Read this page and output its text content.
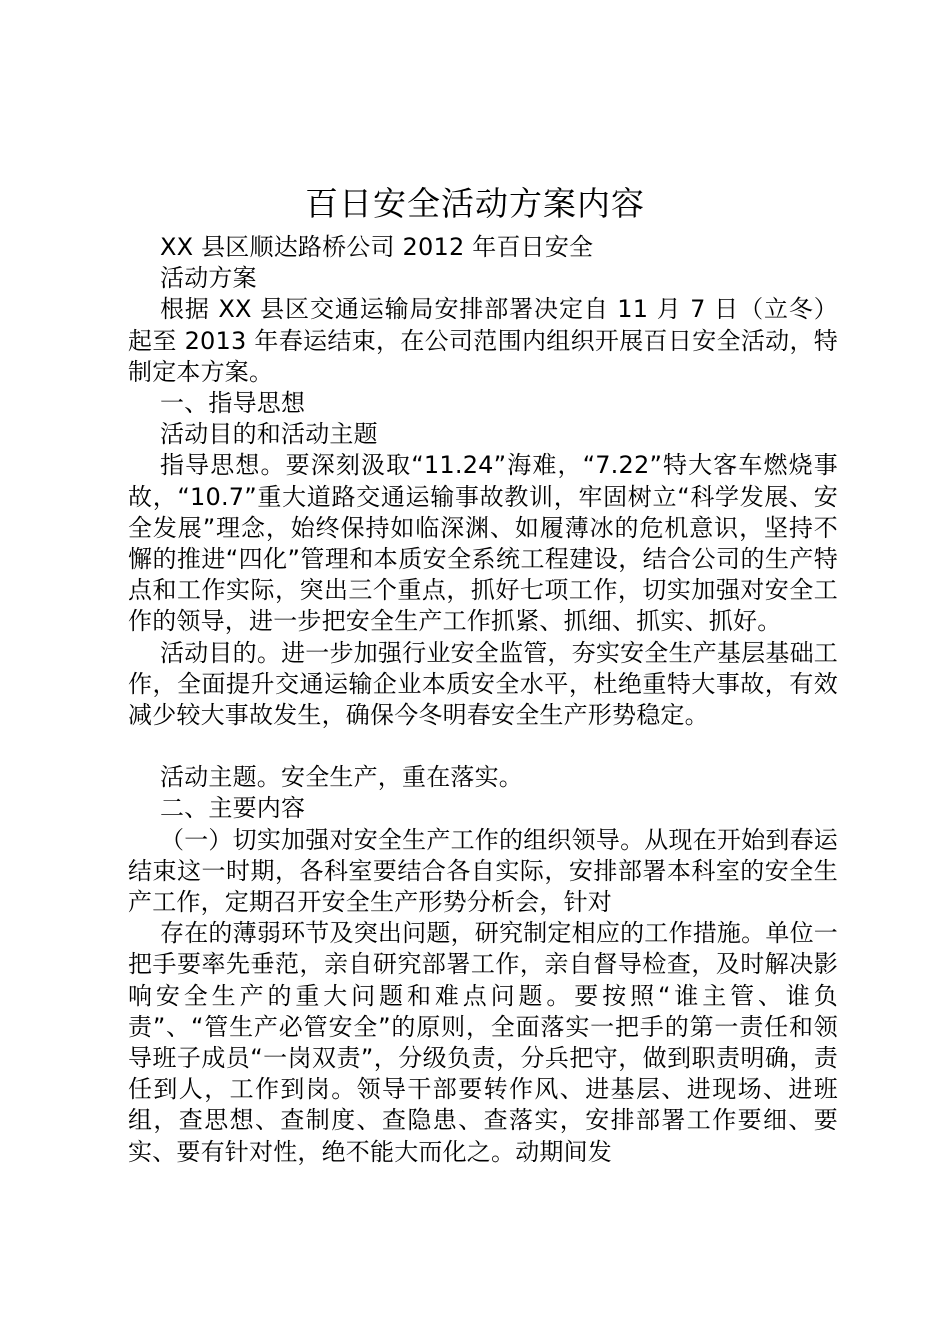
百日安全活动方案内容

XX 县区顺达路桥公司 2012 年百日安全

活动方案

根据 XX 县区交通运输局安排部署决定自 11 月 7 日（立冬）起至 2013 年春运结束，在公司范围内组织开展百日安全活动，特制定本方案。

一、指导思想

活动目的和活动主题

指导思想。要深刻汲取“11.24”海难，“7.22”特大客车燃烧事故，“10.7”重大道路交通运输事故教训，牢固树立“科学发展、安全发展”理念，始终保持如临深渊、如履薄冰的危机意识，坚持不懈的推进“四化”管理和本质安全系统工程建设，结合公司的生产特点和工作实际，突出三个重点，抓好七项工作，切实加强对安全工作的领导，进一步把安全生产工作抓紧、抓细、抓实、抓好。

活动目的。进一步加强行业安全监管，夯实安全生产基层基础工作，全面提升交通运输企业本质安全水平，杜绝重特大事故，有效减少较大事故发生，确保今冬明春安全生产形势稳定。

活动主题。安全生产，重在落实。

二、主要内容

（一）切实加强对安全生产工作的组织领导。从现在开始到春运结束这一时期，各科室要结合各自实际，安排部署本科室的安全生产工作，定期召开安全生产形势分析会，针对

存在的薄弱环节及突出问题，研究制定相应的工作措施。单位一把手要率先垂范，亲自研究部署工作，亲自督导检查，及时解决影响安全生产的重大问题和难点问题。要按照“谁主管、谁负责”、“管生产必管安全”的原则，全面落实一把手的第一责任和领导班子成员“一岗双责”，分级负责，分兵把守，做到职责明确，责任到人，工作到岗。领导干部要转作风、进基层、进现场、进班组，查思想、查制度、查隐患、查落实，安排部署工作要细、要实、要有针对性，绝不能大而化之。动期间发
